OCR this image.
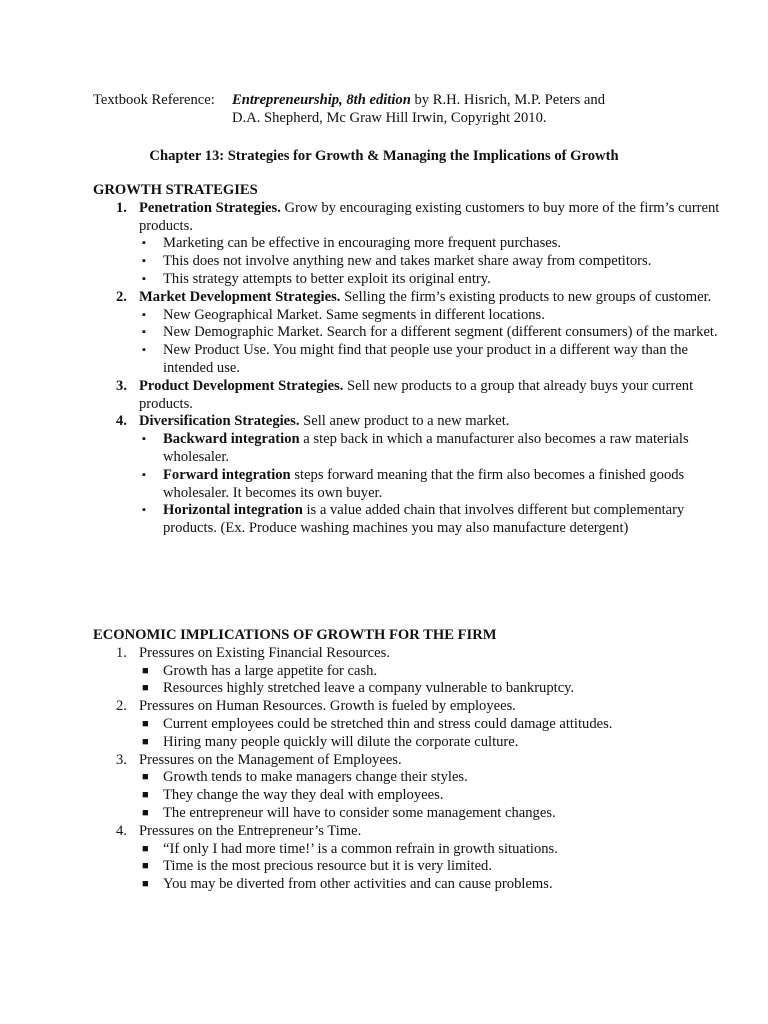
Textbook Reference:	Entrepreneurship, 8th edition by R.H. Hisrich, M.P. Peters and
D.A. Shepherd, Mc Graw Hill Irwin, Copyright 2010.
Chapter 13: Strategies for Growth & Managing the Implications of Growth
GROWTH STRATEGIES
1. Penetration Strategies. Grow by encouraging existing customers to buy more of the firm’s current products.
▪ Marketing can be effective in encouraging more frequent purchases.
▪ This does not involve anything new and takes market share away from competitors.
▪ This strategy attempts to better exploit its original entry.
2. Market Development Strategies. Selling the firm’s existing products to new groups of customer.
▪ New Geographical Market. Same segments in different locations.
▪ New Demographic Market. Search for a different segment (different consumers) of the market.
▪ New Product Use. You might find that people use your product in a different way than the intended use.
3. Product Development Strategies. Sell new products to a group that already buys your current products.
4. Diversification Strategies. Sell anew product to a new market.
▪ Backward integration a step back in which a manufacturer also becomes a raw materials wholesaler.
▪ Forward integration steps forward meaning that the firm also becomes a finished goods wholesaler. It becomes its own buyer.
▪ Horizontal integration is a value added chain that involves different but complementary products. (Ex. Produce washing machines you may also manufacture detergent)
ECONOMIC IMPLICATIONS OF GROWTH FOR THE FIRM
1. Pressures on Existing Financial Resources.
■ Growth has a large appetite for cash.
■ Resources highly stretched leave a company vulnerable to bankruptcy.
2. Pressures on Human Resources. Growth is fueled by employees.
■ Current employees could be stretched thin and stress could damage attitudes.
■ Hiring many people quickly will dilute the corporate culture.
3. Pressures on the Management of Employees.
■ Growth tends to make managers change their styles.
■ They change the way they deal with employees.
■ The entrepreneur will have to consider some management changes.
4. Pressures on the Entrepreneur’s Time.
■ “If only I had more time!’ is a common refrain in growth situations.
■ Time is the most precious resource but it is very limited.
■ You may be diverted from other activities and can cause problems.
